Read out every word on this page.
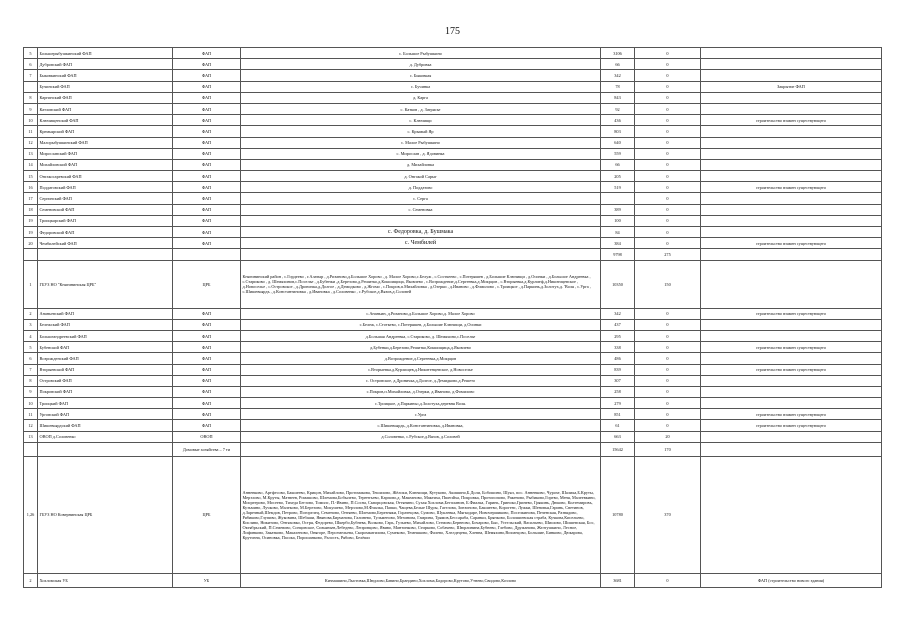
175
5	Большерыбушкинский ФАП	ФАП	с. Большое Рыбушкино	3106	0	
6	Дубровский ФАП	ФАП	д. Дубровка	66	0	
7	Быковкинский ФАП	ФАП	с. Быковкая	342	0	
	Бучинский ФАП	ФАП	с. Бучинка	78	0	Закрытие ФАП
8	Каргинский ФАП	ФАП	д. Карга	843	0	
9	Катловский ФАП	ФАП	с. Катков , д. Затрясье	92	0	
10	Ключищенский ФАП	ФАП	с. Ключищи	436	0	строительство взамен существующего
11	Кремьярский ФАП	ФАП	с. Крымый Яр	803	0	
12	Малорыбушкинский ФАП	ФАП	с. Малое Рыбушкино	640	0	
13	Мирославский ФАП	ФАП	с. Мирослав , д. Ядовинка	559	0	
14	Михайловский ФАП	ФАП	д. Михайловка	66	0	
15	Онгакосаревский ФАП	ФАП	д. Онгакой Сарыг	205	0	
16	Поддатовский ФАП	ФАП	д. Поддатово	519	0	строительство взамен существующего
17	Сергинский ФАП	ФАП	с. Серга		0	
18	Семеновский ФАП	ФАП	с. Семеновка	389	0	
19	Троицкарский ФАП	ФАП		100	0	
19	Федоровский ФАП	ФАП	с. Федоровка, д. Бушмака	84	0	
20	Чембилейский ФАП	ФАП	с. Чембилей	384	0	строительство взамен существующего
				9798	275	
1	ГБУЗ НО "Княгининская ЦРБ"	ЦРБ	Княгининский район , с.Гордеево , г.Алатыр , д.Ризаново,д.Большое Хорово , д. Малое Хорово,с.Белуж , с.Состкеево , с.Потеряшев , д.Большие Ключищи , д.Осинки , д.Большое Андреевка , с.Стариково , д. Шемяхинов,с.Поселье , д.Бубенки ,д.Березово,д.Решитко,д.Кокшищица, Яковлево , с.Возрождение,д.Сергеевка,д.Мокрцов , с.Вторыевка,д.Курлиеф,д.Никитицевское , д.Новоселье , с.Островское , д.Дроничка,д.Долгое , д.Демидково , д.Жгомо , с.Покров,п.Михайловка , д.Озерки , д.Иваново , д.Фомилово , с.Троицкое , д.Паркинь,д.Золотух,д. 'Воля , с.Урга , с.Шишевьярдь , д.Константиновка , д.Ивановка , д.Соловенко , с.Рубское,д.Вязов,д.Соловей	10350	150	
2	Ананьевский ФАП	ФАП	с.Ананьин, д.Ризаново,д.Большое Хорово,д. Малое Хорово	342	0	строительство взамен существующего
3	Бележский ФАП	ФАП	с.Бележ, с.Стоткево, с.Потеряшев, д.Большие Ключищи, д.Осинки	437	0	
4	Большеандреевский ФАП	ФАП	д.Большая Андреевка, с.Стариково, д. Шемяхино,с.Поселье	295	0	
5	Бубенский ФАП	ФАП	д.Бубенки,д.Березово,Решитко,Кокшищица,д.Яковлево	338	0	строительство взамен существующего
6	Возрожденский ФАП	ФАП	д.Возрождение,д.Сергеевка,д.Мокрцов	486	0	
7	Вторыевский ФАП	ФАП	с.Вторыевка,д.Курлищев,д.Никитенцевское, д.Новоселье	839	0	строительство взамен существующего
8	Островский ФАП	ФАП	с. Островское, д.Дроничка,д.Долгое, д.Демидково,д.Решето	307	0	
9	Покровский ФАП	ФАП	с.Покров,п.Михайловка, д.Озерки, д.Иваново, д.Фомилово	258	0	
10	Троицкий ФАП	ФАП	с.Троицкое, д.Паркиньо,д.Золотуха,деревня Воля.	279	0	
11	Урговский ФАП	ФАП	с.Урга	851	0	строительство взамен существующего
12	Шишевьярдский ФАП	ФАП	с.Шишевьярдь, д.Константиновка, д.Ивановка,	61	0	строительство взамен существующего
13	ОВОП д.Соловенко	ОВОП	д.Соловенко, с.Рубское,д.Вязов, д.Соловей	663	20	
		Домовые хозяйства – 7 ти		15642	170	
1,26	ГБУЗ НО Ковернинская ЦРБ	ЦРБ	Анненково, Артфесово, Бакшеево, Крицон, Михайлово, Протомакова, Тешилово, Жёлоки, Ключищи, Кутуково, Акишино,Б.Доли, Бобошино, Шуял, пос. Анненково, Чурохт, Шалика,Б.Круты, Мерзлово, М.Круты, Матвеев, Ромашово, Шлемова,Бобылево, Терентьево, Карпово,д. Макеаново, Макеиха, Пшепйха, Покровка, Протопопово, Ракеново, Рыбиково,Горево, Меня, Малеевкино, Мисреерово, Мосеево, Тихеда Бегзово, Томилс, П.-Ивино, П.Сосна, Скворцовская, Оттянино, Сухая Хохлома,Бегпланин, Б.Фиалка, Гаринь, Гриноко,Гринево, Грякинь, Дюково, Колтемировь, Кузьмино, Лучково, Малеково, М.Березово, Мокушево, Мерзлово,М.Фиалка, Папки, Чащева,Белые Шуры, Гагелова, Зонзоново, Бакшеево, Корогенс, Лужки, Шеновья,Гаринь, Светинов, д.Заречный,Шемдов, Петрово, Погорелец, Семеново, Онтяево, Шлемово,Березняки, Горатецова, Сумово, Шуклевка, Мягкодаре, Новочершиково, Поселкинова, Печенская, Развядово, Рябиково,Глупиво, Жуковина, Шебаши, Явянова,Бирчанова, Галинево, Тульменово, Мезинова, Гамрина, Трямов,Бессараба, Саранки, Брянково, Болошиевская страба, Кучкова,Кисельево, Кисливо, Никитово, Онтяховко, Остря, Федорево, Шкербо,Бубнева, Волково, Гарь, Гузыево, Михайлово, Стемово,Бернеово, Бочарово, Быс, Устельский, Васильево, Шишово, Шишевская, Бос, Октябрьский, П.Семевово, Сонцовское, Сизьяньев,Лебедево, Лепровцово, Явиво, Мантонково, Стирково, Собачево, Шюрлинина,Бубнево, Глебово, Дружанова, Желтушкино, Лесное, Лифинково, Закатково, Макаленово, Онягоре, Персемельева, Скоромкатилова, Сумеково, Темешково, Фалево, Хлелдецева, Хлевна, Шемяхино,Вохмецово, Большие, Бинково, Дюкарова, Крутизна, Осиновка, Пасока, Порошанково, Ралость, Рябово, Белёши	10780	370	
2	Хохломская УБ	УБ	Кичмашино,Лыстовка,Шюдлово,Бавино,Брандино,Хохлома,Бадорово,Крутово,Утнево,Свидово,Козлово	3681	0	ФАП (строительство нового здания)
